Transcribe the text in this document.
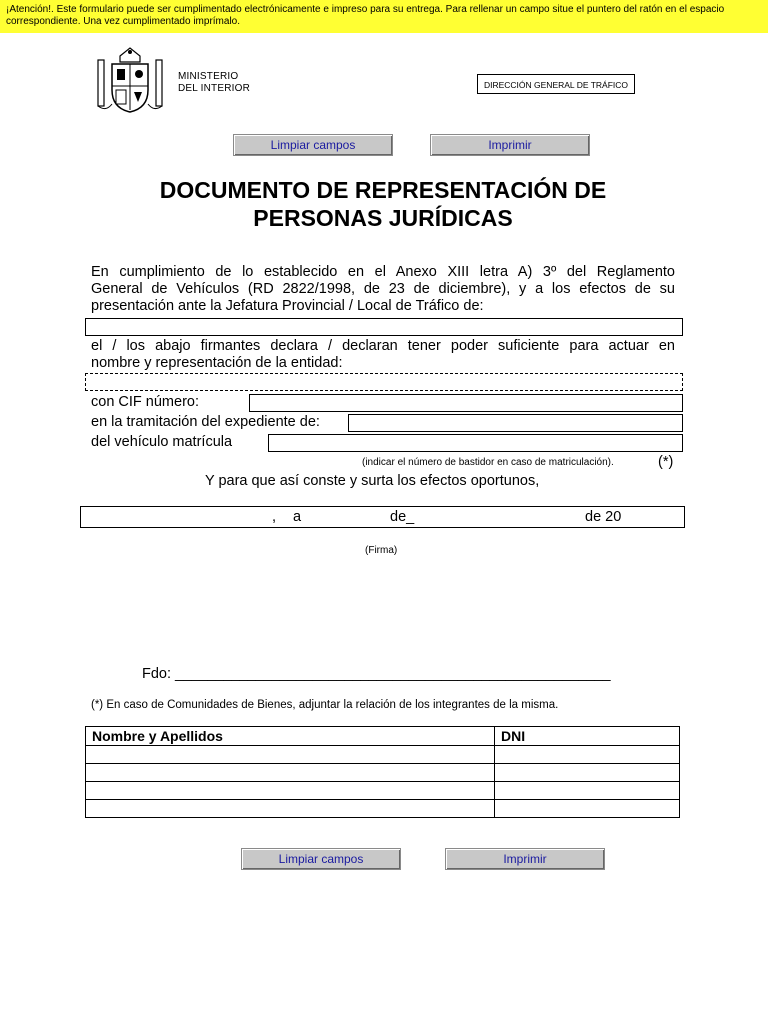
¡Atención!. Este formulario puede ser cumplimentado electrónicamente e impreso para su entrega. Para rellenar un campo situe el puntero del ratón en el espacio correspondiente. Una vez cumplimentado imprímalo.
MINISTERIO
DEL INTERIOR	DIRECCIÓN GENERAL DE TRÁFICO
Limpiar campos	Imprimir
DOCUMENTO DE REPRESENTACIÓN DE
PERSONAS JURÍDICAS
En cumplimiento de lo establecido en el Anexo XIII letra A) 3º del Reglamento
General de Vehículos (RD 2822/1998, de 23 de diciembre), y a los efectos de su
presentación ante la Jefatura Provincial / Local de Tráfico de:
el / los abajo firmantes declara / declaran tener poder suficiente para actuar en
nombre y representación de la entidad:
con CIF número:
en la tramitación del expediente de:
del vehículo matrícula
(indicar el número de bastidor en caso de matriculación).	(*)
Y para que así conste y surta los efectos oportunos,
, a	de_	de 20
(Firma)
Fdo: ______________________________________________________
(*) En caso de Comunidades de Bienes, adjuntar la relación de los integrantes de la misma.
Nombre y Apellidos	DNI

Limpiar campos	Imprimir
